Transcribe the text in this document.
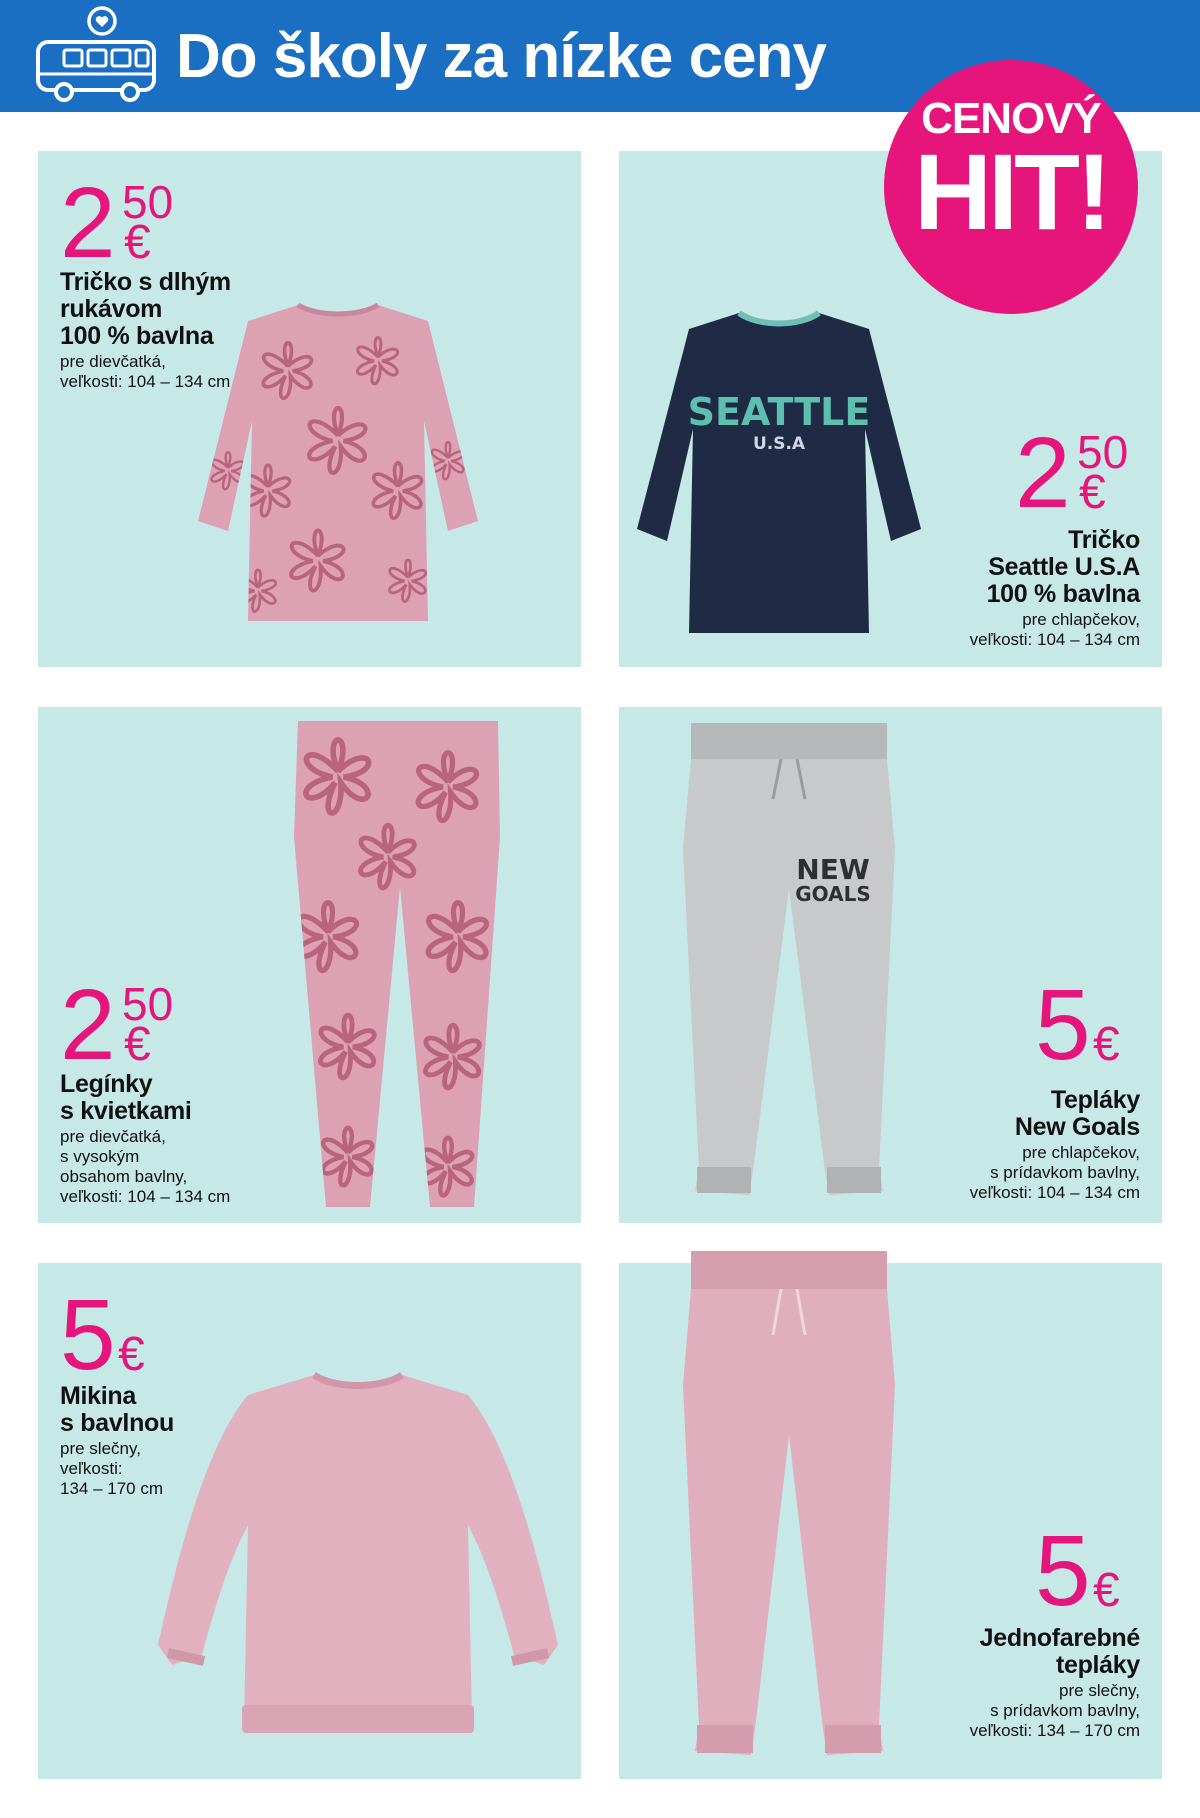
Do školy za nízke ceny
CENOVÝ
HIT!
2 50
€
Tričko s dlhým
rukávom
100 % bavlna
pre dievčatká,
veľkosti: 104 – 134 cm
SEATTLE
U.S.A 2 50
€
Tričko
Seattle U.S.A
100 % bavlna
pre chlapčekov,
veľkosti: 104 – 134 cm
2 50
€
Legínky
s kvietkami
pre dievčatká,
s vysokým
obsahom bavlny,
veľkosti: 104 – 134 cm
NEW
GOALS
5 €
Tepláky
New Goals
pre chlapčekov,
s prídavkom bavlny,
veľkosti: 104 – 134 cm
5 €
Mikina
s bavlnou
pre slečny,
veľkosti:
134 – 170 cm
5 €
Jednofarebné
tepláky
pre slečny,
s prídavkom bavlny,
veľkosti: 134 – 170 cm
